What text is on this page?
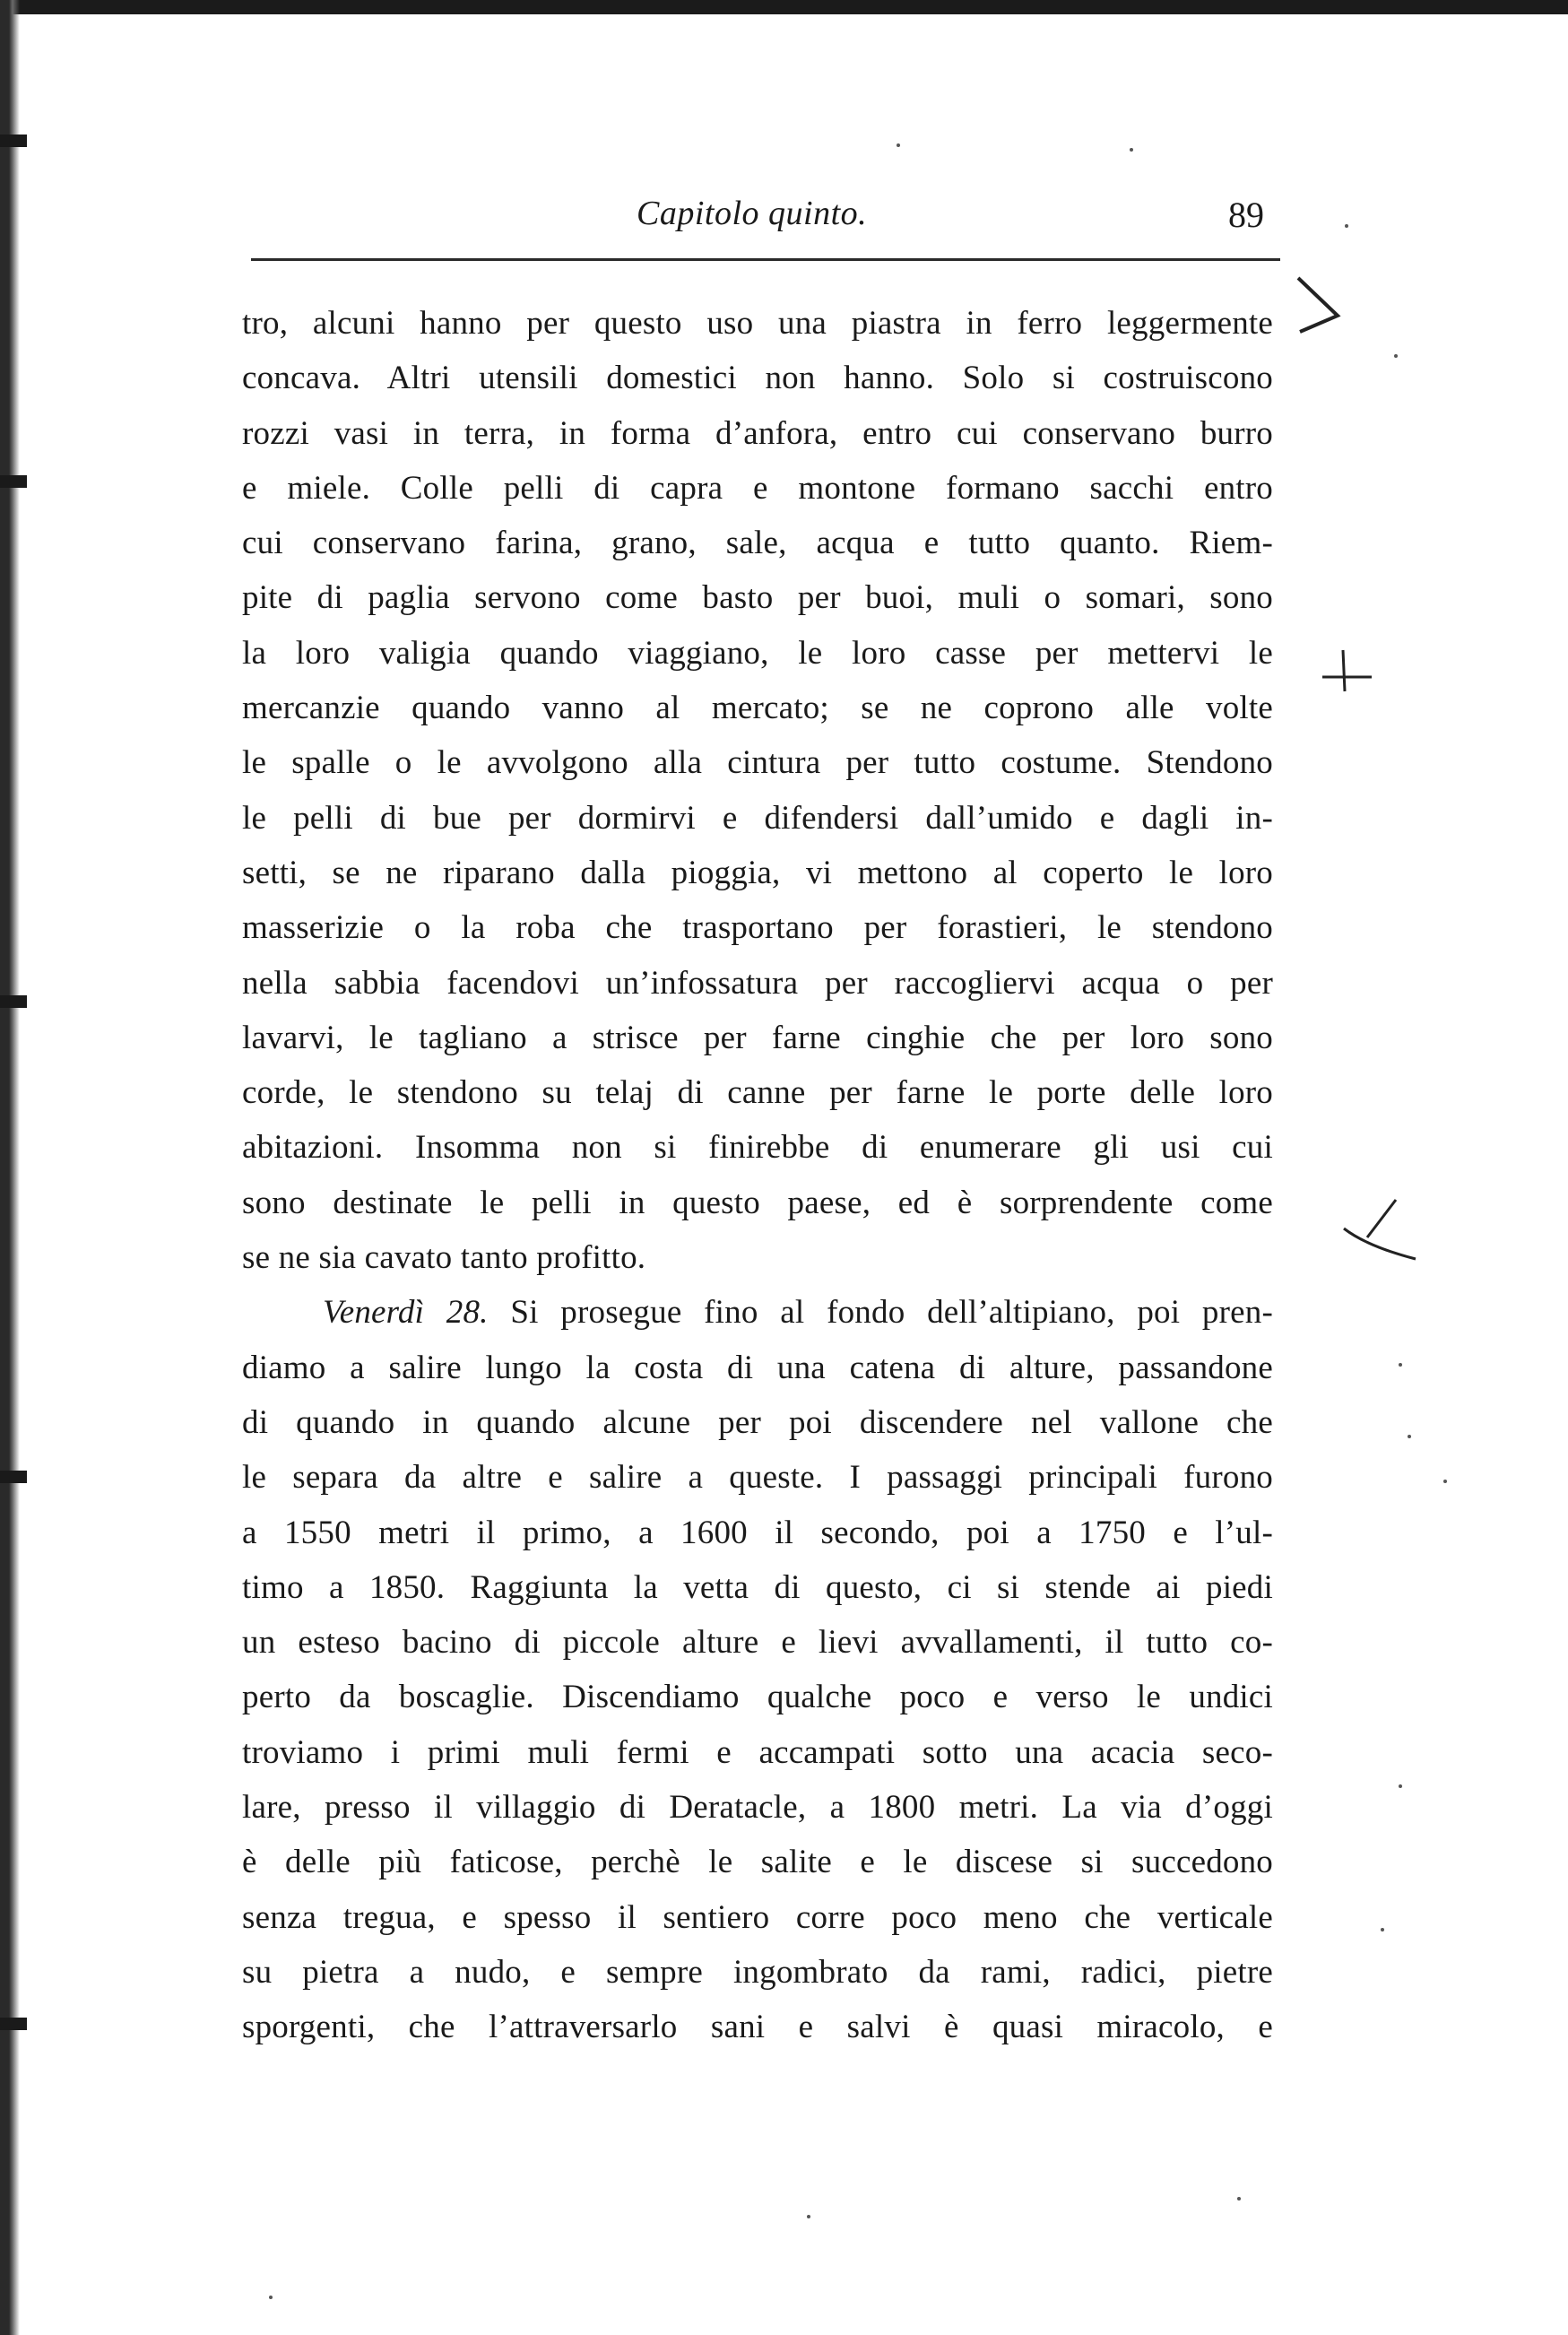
Capitolo quinto.	89
tro, alcuni hanno per questo uso una piastra in ferro leggermente
concava. Altri utensili domestici non hanno. Solo si costruiscono
rozzi vasi in terra, in forma d’anfora, entro cui conservano burro
e miele. Colle pelli di capra e montone formano sacchi entro
cui conservano farina, grano, sale, acqua e tutto quanto. Riem-
pite di paglia servono come basto per buoi, muli o somari, sono
la loro valigia quando viaggiano, le loro casse per mettervi le
mercanzie quando vanno al mercato; se ne coprono alle volte
le spalle o le avvolgono alla cintura per tutto costume. Stendono
le pelli di bue per dormirvi e difendersi dall’umido e dagli in-
setti, se ne riparano dalla pioggia, vi mettono al coperto le loro
masserizie o la roba che trasportano per forastieri, le stendono
nella sabbia facendovi un’infossatura per raccogliervi acqua o per
lavarvi, le tagliano a strisce per farne cinghie che per loro sono
corde, le stendono su telaj di canne per farne le porte delle loro
abitazioni. Insomma non si finirebbe di enumerare gli usi cui
sono destinate le pelli in questo paese, ed è sorprendente come
se ne sia cavato tanto profitto.
Venerdì 28. Si prosegue fino al fondo dell’altipiano, poi pren-
diamo a salire lungo la costa di una catena di alture, passandone
di quando in quando alcune per poi discendere nel vallone che
le separa da altre e salire a queste. I passaggi principali furono
a 1550 metri il primo, a 1600 il secondo, poi a 1750 e l’ul-
timo a 1850. Raggiunta la vetta di questo, ci si stende ai piedi
un esteso bacino di piccole alture e lievi avvallamenti, il tutto co-
perto da boscaglie. Discendiamo qualche poco e verso le undici
troviamo i primi muli fermi e accampati sotto una acacia seco-
lare, presso il villaggio di Deratacle, a 1800 metri. La via d’oggi
è delle più faticose, perchè le salite e le discese si succedono
senza tregua, e spesso il sentiero corre poco meno che verticale
su pietra a nudo, e sempre ingombrato da rami, radici, pietre
sporgenti, che l’attraversarlo sani e salvi è quasi miracolo, e
